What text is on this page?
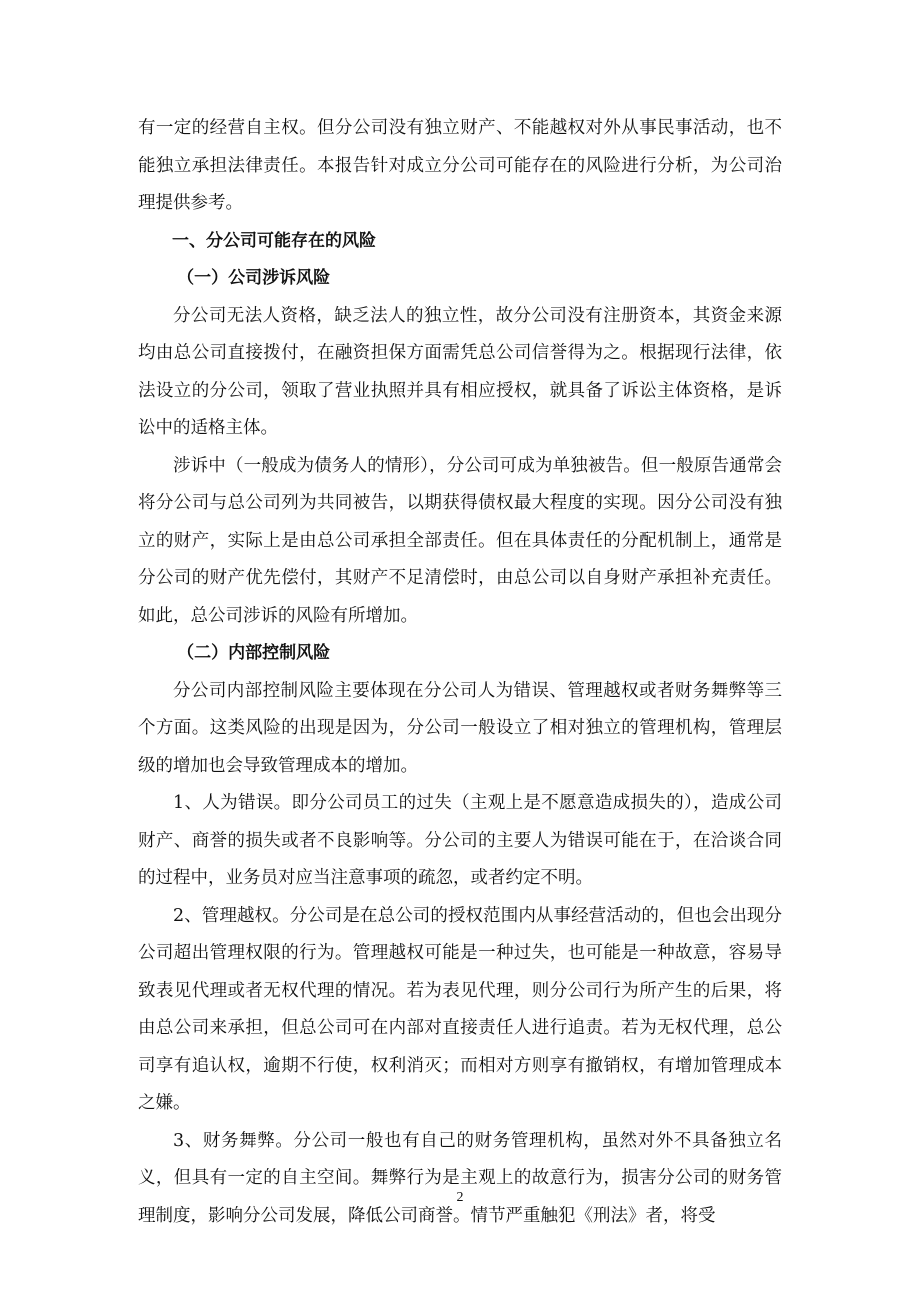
有一定的经营自主权。但分公司没有独立财产、不能越权对外从事民事活动，也不能独立承担法律责任。本报告针对成立分公司可能存在的风险进行分析，为公司治理提供参考。

一、分公司可能存在的风险

（一）公司涉诉风险

分公司无法人资格，缺乏法人的独立性，故分公司没有注册资本，其资金来源均由总公司直接拨付，在融资担保方面需凭总公司信誉得为之。根据现行法律，依法设立的分公司，领取了营业执照并具有相应授权，就具备了诉讼主体资格，是诉讼中的适格主体。

涉诉中（一般成为债务人的情形），分公司可成为单独被告。但一般原告通常会将分公司与总公司列为共同被告，以期获得债权最大程度的实现。因分公司没有独立的财产，实际上是由总公司承担全部责任。但在具体责任的分配机制上，通常是分公司的财产优先偿付，其财产不足清偿时，由总公司以自身财产承担补充责任。如此，总公司涉诉的风险有所增加。

（二）内部控制风险

分公司内部控制风险主要体现在分公司人为错误、管理越权或者财务舞弊等三个方面。这类风险的出现是因为，分公司一般设立了相对独立的管理机构，管理层级的增加也会导致管理成本的增加。

1、人为错误。即分公司员工的过失（主观上是不愿意造成损失的），造成公司财产、商誉的损失或者不良影响等。分公司的主要人为错误可能在于，在洽谈合同的过程中，业务员对应当注意事项的疏忽，或者约定不明。

2、管理越权。分公司是在总公司的授权范围内从事经营活动的，但也会出现分公司超出管理权限的行为。管理越权可能是一种过失，也可能是一种故意，容易导致表见代理或者无权代理的情况。若为表见代理，则分公司行为所产生的后果，将由总公司来承担，但总公司可在内部对直接责任人进行追责。若为无权代理，总公司享有追认权，逾期不行使，权利消灭；而相对方则享有撤销权，有增加管理成本之嫌。

3、财务舞弊。分公司一般也有自己的财务管理机构，虽然对外不具备独立名义，但具有一定的自主空间。舞弊行为是主观上的故意行为，损害分公司的财务管理制度，影响分公司发展，降低公司商誉。情节严重触犯《刑法》者，将受

2
